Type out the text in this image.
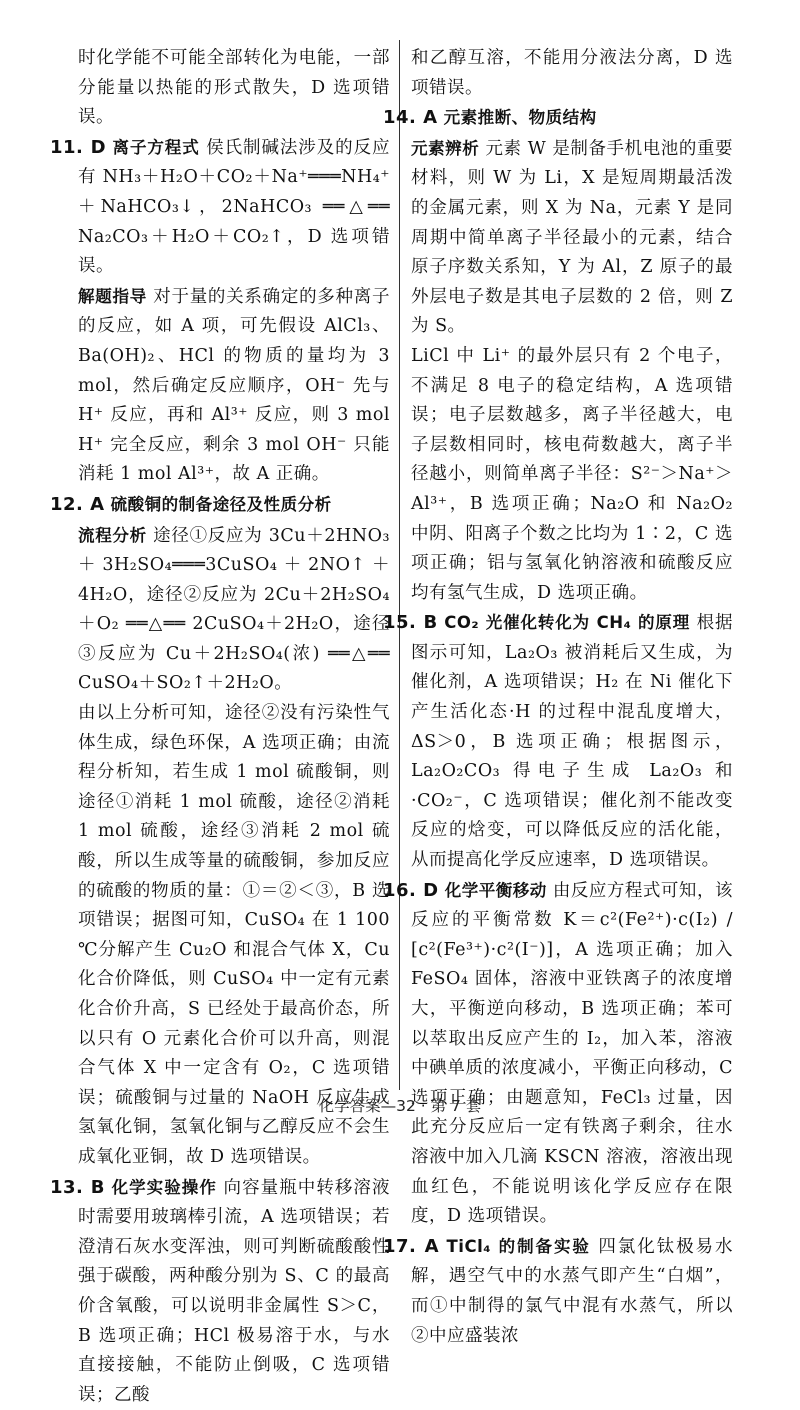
时化学能不可能全部转化为电能，一部分能量以热能的形式散失，D 选项错误。

11. D 离子方程式 侯氏制碱法涉及的反应有 NH₃＋H₂O＋CO₂＋Na⁺═══NH₄⁺＋NaHCO₃↓，2NaHCO₃ ══△══ Na₂CO₃＋H₂O＋CO₂↑，D 选项错误。

解题指导 对于量的关系确定的多种离子的反应，如 A 项，可先假设 AlCl₃、Ba(OH)₂、HCl 的物质的量均为 3 mol，然后确定反应顺序，OH⁻ 先与 H⁺ 反应，再和 Al³⁺ 反应，则 3 mol H⁺ 完全反应，剩余 3 mol OH⁻ 只能消耗 1 mol Al³⁺，故 A 正确。

12. A 硫酸铜的制备途径及性质分析

流程分析 途径①反应为 3Cu＋2HNO₃＋3H₂SO₄═══3CuSO₄＋2NO↑＋4H₂O，途径②反应为 2Cu＋2H₂SO₄＋O₂ ══△══ 2CuSO₄＋2H₂O，途径③反应为 Cu＋2H₂SO₄(浓) ══△══ CuSO₄＋SO₂↑＋2H₂O。

由以上分析可知，途径②没有污染性气体生成，绿色环保，A 选项正确；由流程分析知，若生成 1 mol 硫酸铜，则途径①消耗 1 mol 硫酸，途径②消耗 1 mol 硫酸，途经③消耗 2 mol 硫酸，所以生成等量的硫酸铜，参加反应的硫酸的物质的量：①＝②＜③，B 选项错误；据图可知，CuSO₄ 在 1 100 ℃分解产生 Cu₂O 和混合气体 X，Cu 化合价降低，则 CuSO₄ 中一定有元素化合价升高，S 已经处于最高价态，所以只有 O 元素化合价可以升高，则混合气体 X 中一定含有 O₂，C 选项错误；硫酸铜与过量的 NaOH 反应生成氢氧化铜，氢氧化铜与乙醇反应不会生成氧化亚铜，故 D 选项错误。

13. B 化学实验操作 向容量瓶中转移溶液时需要用玻璃棒引流，A 选项错误；若澄清石灰水变浑浊，则可判断硫酸酸性强于碳酸，两种酸分别为 S、C 的最高价含氧酸，可以说明非金属性 S＞C，B 选项正确；HCl 极易溶于水，与水直接接触，不能防止倒吸，C 选项错误；乙酸

和乙醇互溶，不能用分液法分离，D 选项错误。

14. A 元素推断、物质结构

元素辨析 元素 W 是制备手机电池的重要材料，则 W 为 Li，X 是短周期最活泼的金属元素，则 X 为 Na，元素 Y 是同周期中简单离子半径最小的元素，结合原子序数关系知，Y 为 Al，Z 原子的最外层电子数是其电子层数的 2 倍，则 Z 为 S。

LiCl 中 Li⁺ 的最外层只有 2 个电子，不满足 8 电子的稳定结构，A 选项错误；电子层数越多，离子半径越大，电子层数相同时，核电荷数越大，离子半径越小，则简单离子半径：S²⁻＞Na⁺＞Al³⁺，B 选项正确；Na₂O 和 Na₂O₂ 中阴、阳离子个数之比均为 1∶2，C 选项正确；铝与氢氧化钠溶液和硫酸反应均有氢气生成，D 选项正确。

15. B CO₂ 光催化转化为 CH₄ 的原理 根据图示可知，La₂O₃ 被消耗后又生成，为催化剂，A 选项错误；H₂ 在 Ni 催化下产生活化态·H 的过程中混乱度增大，ΔS＞0，B 选项正确；根据图示，La₂O₂CO₃ 得电子生成 La₂O₃ 和·CO₂⁻，C 选项错误；催化剂不能改变反应的焓变，可以降低反应的活化能，从而提高化学反应速率，D 选项错误。

16. D 化学平衡移动 由反应方程式可知，该反应的平衡常数 K＝c²(Fe²⁺)·c(I₂) / [c²(Fe³⁺)·c²(I⁻)]，A 选项正确；加入 FeSO₄ 固体，溶液中亚铁离子的浓度增大，平衡逆向移动，B 选项正确；苯可以萃取出反应产生的 I₂，加入苯，溶液中碘单质的浓度减小，平衡正向移动，C 选项正确；由题意知，FeCl₃ 过量，因此充分反应后一定有铁离子剩余，往水溶液中加入几滴 KSCN 溶液，溶液出现血红色，不能说明该化学反应存在限度，D 选项错误。

17. A TiCl₄ 的制备实验 四氯化钛极易水解，遇空气中的水蒸气即产生“白烟”，而①中制得的氯气中混有水蒸气，所以②中应盛装浓

化学答案—32 · 第 7 套
